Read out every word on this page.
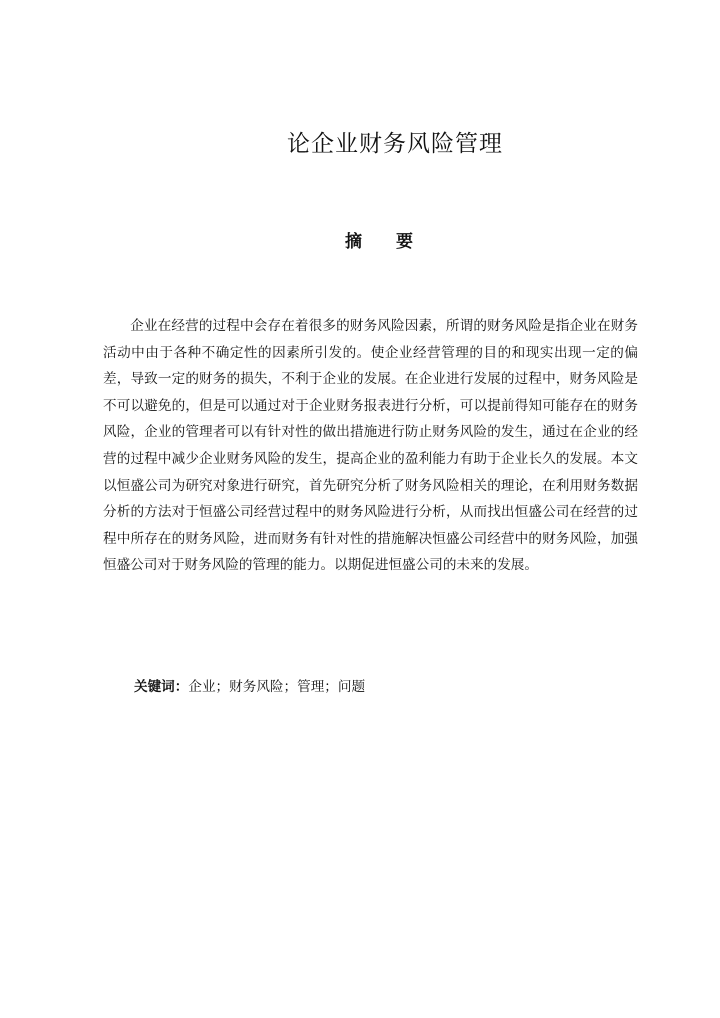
论企业财务风险管理
摘 要

企业在经营的过程中会存在着很多的财务风险因素，所谓的财务风险是指企业在财务活动中由于各种不确定性的因素所引发的。使企业经营管理的目的和现实出现一定的偏差，导致一定的财务的损失，不利于企业的发展。在企业进行发展的过程中，财务风险是不可以避免的，但是可以通过对于企业财务报表进行分析，可以提前得知可能存在的财务风险，企业的管理者可以有针对性的做出措施进行防止财务风险的发生，通过在企业的经营的过程中减少企业财务风险的发生，提高企业的盈利能力有助于企业长久的发展。本文以恒盛公司为研究对象进行研究，首先研究分析了财务风险相关的理论，在利用财务数据分析的方法对于恒盛公司经营过程中的财务风险进行分析，从而找出恒盛公司在经营的过程中所存在的财务风险，进而财务有针对性的措施解决恒盛公司经营中的财务风险，加强恒盛公司对于财务风险的管理的能力。以期促进恒盛公司的未来的发展。

关键词：企业；财务风险；管理；问题
